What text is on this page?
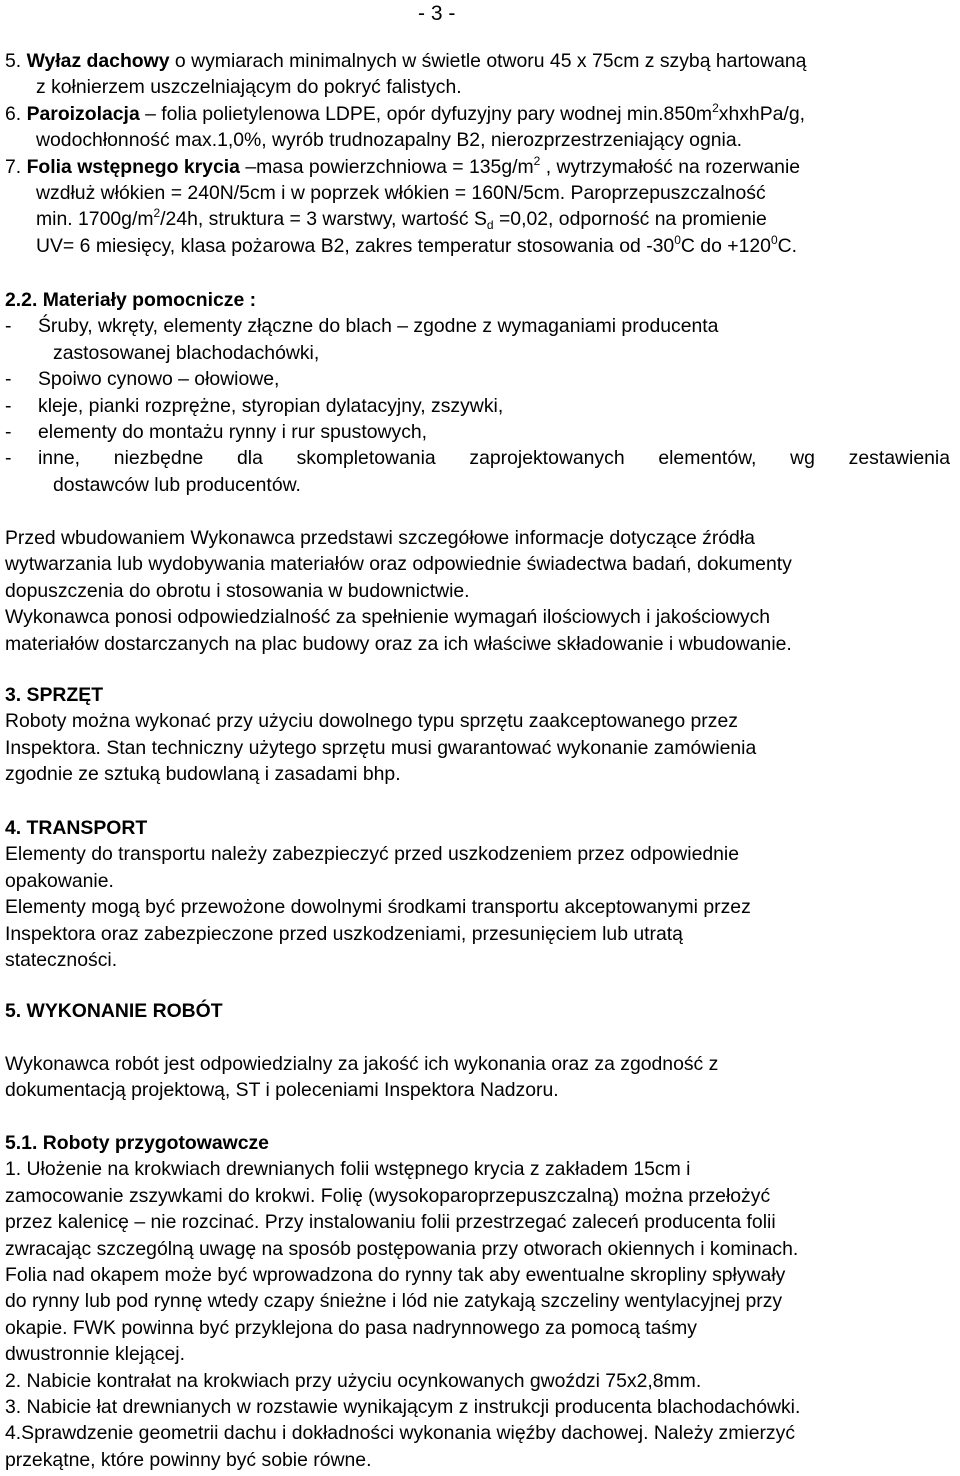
- 3 -
5. Wyłaz dachowy o wymiarach minimalnych w świetle otworu 45 x 75cm z szybą hartowaną
z kołnierzem uszczelniającym do pokryć falistych.
6. Paroizolacja – folia polietylenowa LDPE, opór dyfuzyjny pary wodnej $\min.850m^2xhxhPa/g$,
wodochłonność max.1,0%, wyrób trudnozapalny B2, nierozprzestrzeniający ognia.
7. Folia wstępnego krycia –masa powierzchniowa = $135g/m^2$ , wytrzymałość na rozerwanie
wzdłuż włókien = 240N/5cm i w poprzek włókien = 160N/5cm. Paroprzepuszczalność
min. $1700g/m^2/24h$, struktura = 3 warstwy, wartość $S_d =0,02$, odporność na promienie
UV= 6 miesięcy, klasa pożarowa B2, zakres temperatur stosowania od $-30^0C$ do $+120^0C$.
2.2. Materiały pomocnicze :
- Śruby, wkręty, elementy złączne do blach – zgodne z wymaganiami producenta
zastosowanej blachodachówki,
- Spoiwo cynowo – ołowiowe,
- kleje, pianki rozprężne, styropian dylatacyjny, zszywki,
- elementy do montażu rynny i rur spustowych,
-	inne, niezbędne dla skompletowania zaprojektowanych elementów, wg zestawienia
dostawców lub producentów.
Przed wbudowaniem Wykonawca przedstawi szczegółowe informacje dotyczące źródła
wytwarzania lub wydobywania materiałów oraz odpowiednie świadectwa badań, dokumenty
dopuszczenia do obrotu i stosowania w budownictwie.
Wykonawca ponosi odpowiedzialność za spełnienie wymagań ilościowych i jakościowych
materiałów dostarczanych na plac budowy oraz za ich właściwe składowanie i wbudowanie.
3. SPRZĘT
Roboty można wykonać przy użyciu dowolnego typu sprzętu zaakceptowanego przez
Inspektora. Stan techniczny użytego sprzętu musi gwarantować wykonanie zamówienia
zgodnie ze sztuką budowlaną i zasadami bhp.
4. TRANSPORT
Elementy do transportu należy zabezpieczyć przed uszkodzeniem przez odpowiednie
opakowanie.
Elementy mogą być przewożone dowolnymi środkami transportu akceptowanymi przez
Inspektora oraz zabezpieczone przed uszkodzeniami, przesunięciem lub utratą
stateczności.
5. WYKONANIE ROBÓT
Wykonawca robót jest odpowiedzialny za jakość ich wykonania oraz za zgodność z
dokumentacją projektową, ST i poleceniami Inspektora Nadzoru.
5.1. Roboty przygotowawcze
1. Ułożenie na krokwiach drewnianych folii wstępnego krycia z zakładem 15cm i
zamocowanie zszywkami do krokwi. Folię (wysokoparoprzepuszczalną) można przełożyć
przez kalenicę – nie rozcinać. Przy instalowaniu folii przestrzegać zaleceń producenta folii
zwracając szczególną uwagę na sposób postępowania przy otworach okiennych i kominach.
Folia nad okapem może być wprowadzona do rynny tak aby ewentualne skropliny spływały
do rynny lub pod rynnę wtedy czapy śnieżne i lód nie zatykają szczeliny wentylacyjnej przy
okapie. FWK powinna być przyklejona do pasa nadrynnowego za pomocą taśmy
dwustronnie klejącej.
2. Nabicie kontrałat na krokwiach przy użyciu ocynkowanych gwoździ 75x2,8mm.
3. Nabicie łat drewnianych w rozstawie wynikającym z instrukcji producenta blachodachówki.
4.Sprawdzenie geometrii dachu i dokładności wykonania więźby dachowej. Należy zmierzyć
przekątne, które powinny być sobie równe.
